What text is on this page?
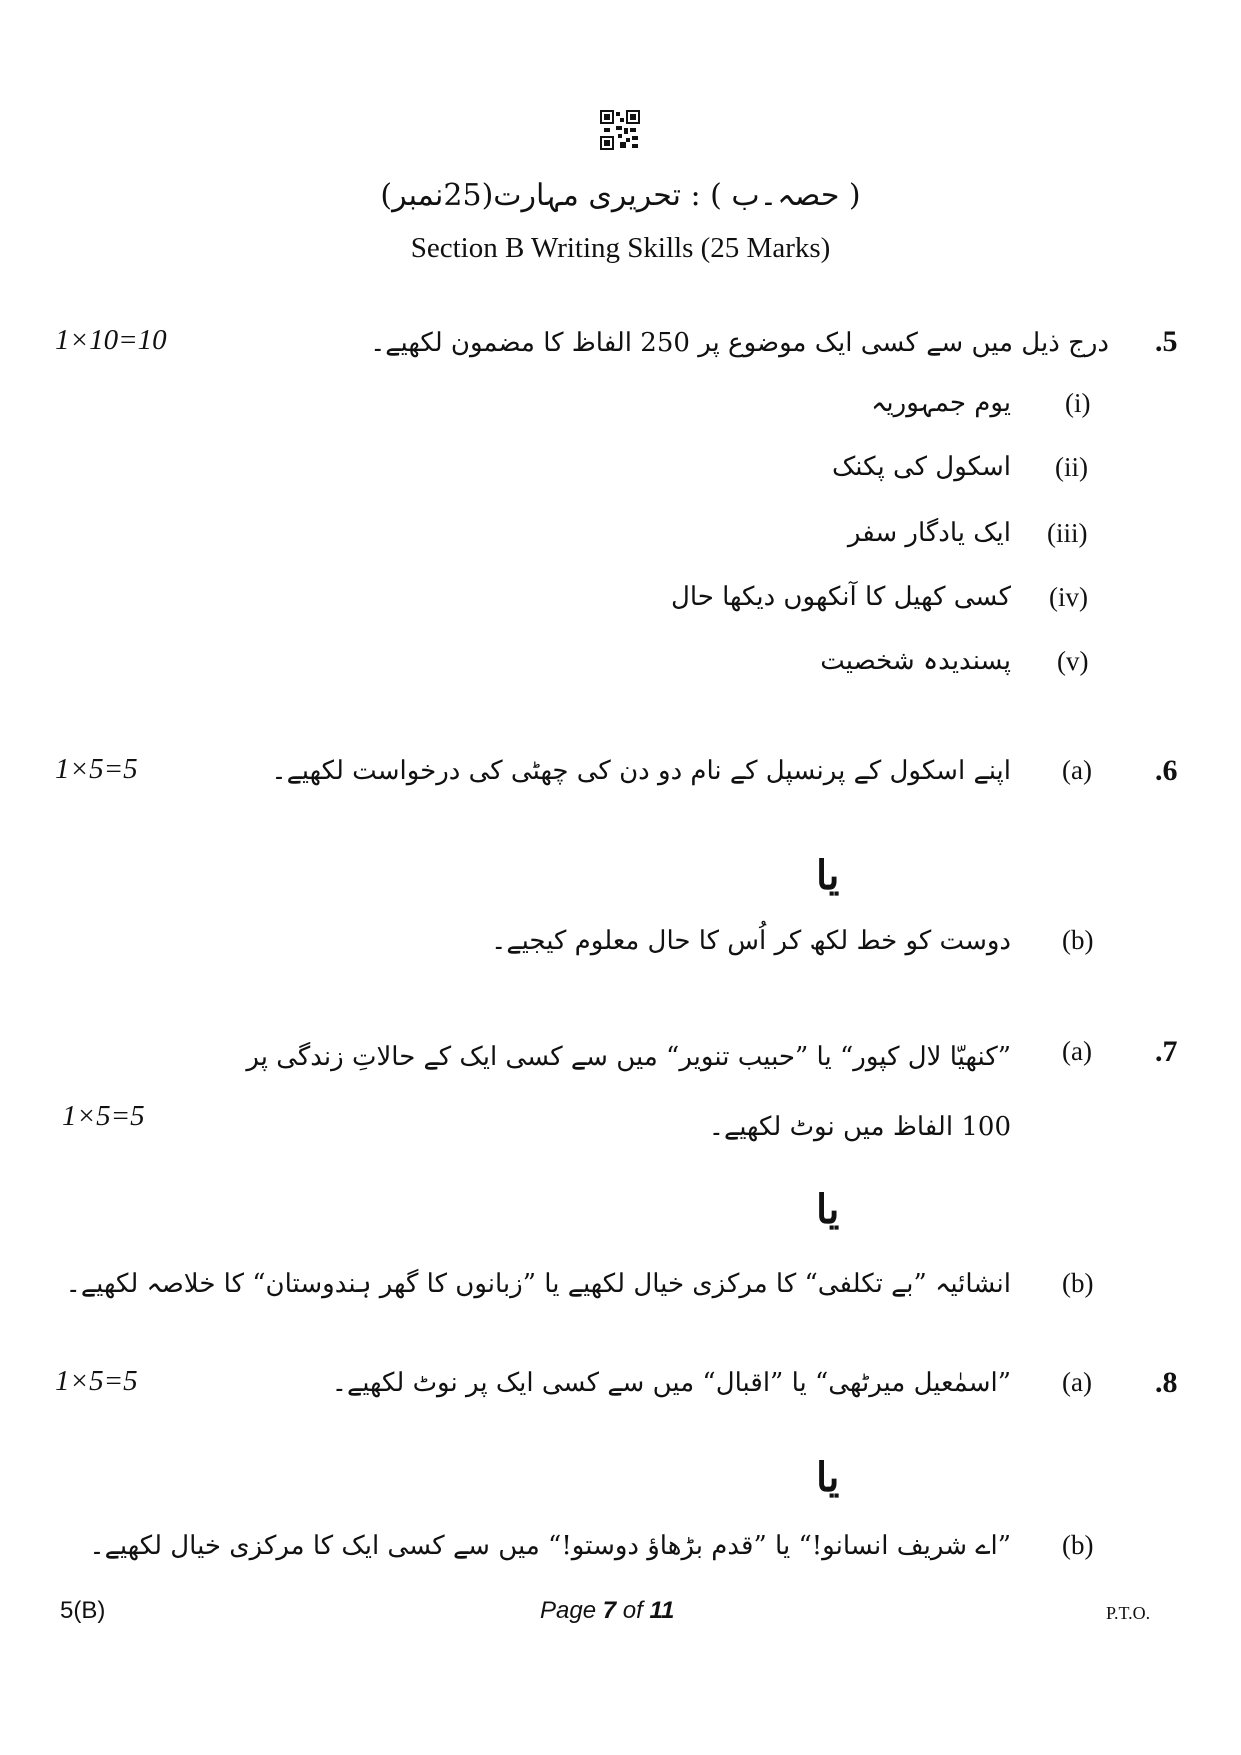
( حصہ۔ب ) : تحریری مہارت(25نمبر)
Section B Writing Skills (25 Marks)
1×10=10	.5
درج ذیل میں سے کسی ایک موضوع پر 250 الفاظ کا مضمون لکھیے۔
(i)
یوم جمہوریہ
(ii)
اسکول کی پکنک
(iii)
ایک یادگار سفر
(iv)
کسی کھیل کا آنکھوں دیکھا حال
(v)
پسندیدہ شخصیت
1×5=5	.6
(a)
اپنے اسکول کے پرنسپل کے نام دو دن کی چھٹی کی درخواست لکھیے۔
یا
(b)
دوست کو خط لکھ کر اُس کا حال معلوم کیجیے۔
.7
(a)
”کنھیّا لال کپور“ یا ”حبیب تنویر“ میں سے کسی ایک کے حالاتِ زندگی پر 100 الفاظ میں نوٹ لکھیے۔
1×5=5
یا
(b)
انشائیہ ”بے تکلفی“ کا مرکزی خیال لکھیے یا ”زبانوں کا گھر ہندوستان“ کا خلاصہ لکھیے۔
1×5=5	.8
(a)
”اسمٰعیل میرٹھی“ یا ”اقبال“ میں سے کسی ایک پر نوٹ لکھیے۔
یا
(b)
”اے شریف انسانو!“ یا ”قدم بڑھاؤ دوستو!“ میں سے کسی ایک کا مرکزی خیال لکھیے۔
5(B)	Page 7 of 11	P.T.O.
